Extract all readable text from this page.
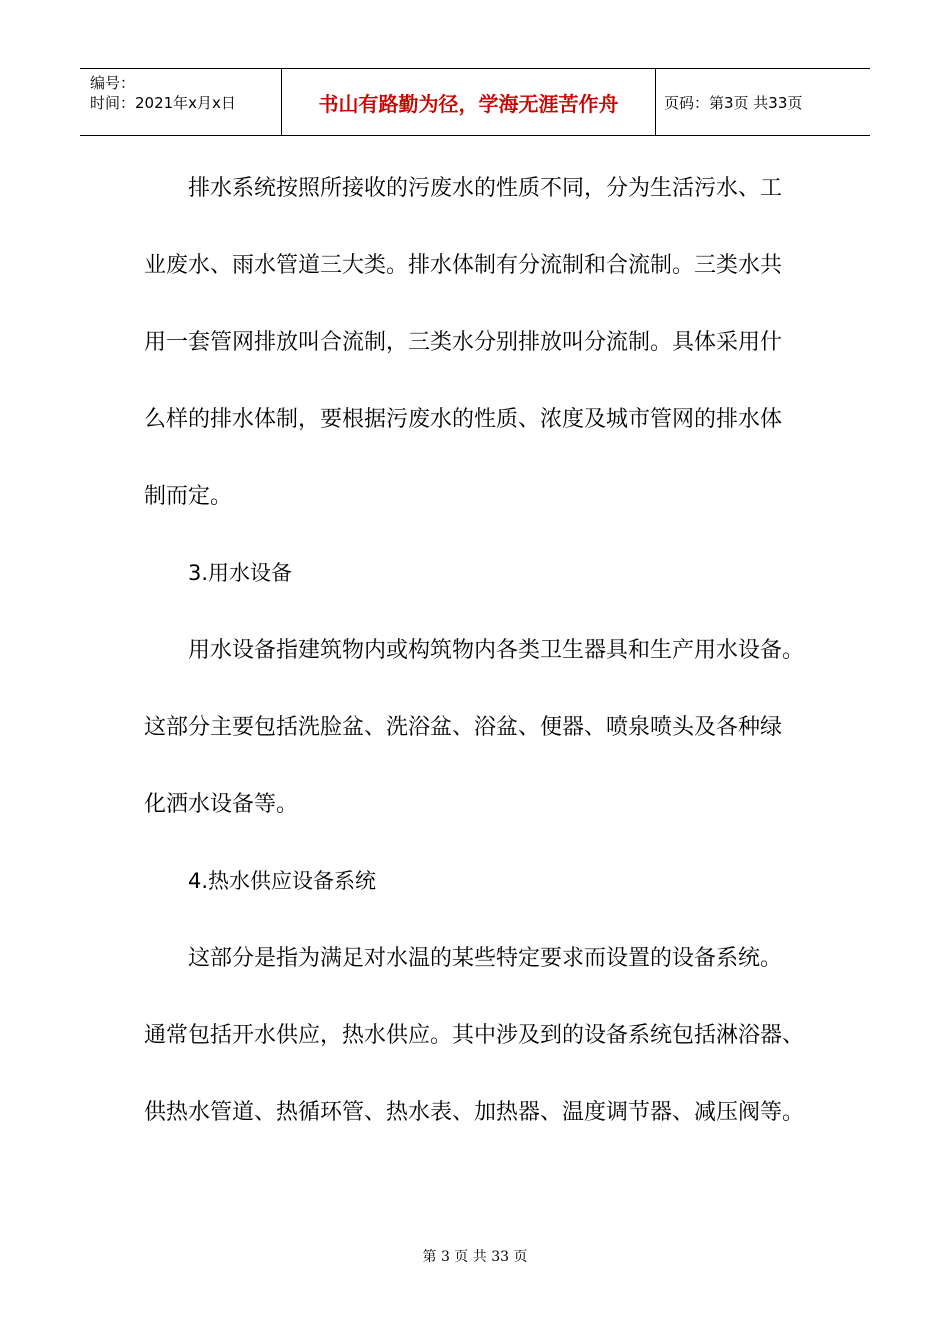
编号：
时间：2021年x月x日	书山有路勤为径，学海无涯苦作舟	页码：第3页 共33页
排水系统按照所接收的污废水的性质不同，分为生活污水、工
业废水、雨水管道三大类。排水体制有分流制和合流制。三类水共
用一套管网排放叫合流制，三类水分别排放叫分流制。具体采用什
么样的排水体制，要根据污废水的性质、浓度及城市管网的排水体
制而定。
3.用水设备
用水设备指建筑物内或构筑物内各类卫生器具和生产用水设备。
这部分主要包括洗脸盆、洗浴盆、浴盆、便器、喷泉喷头及各种绿
化洒水设备等。
4.热水供应设备系统
这部分是指为满足对水温的某些特定要求而设置的设备系统。
通常包括开水供应，热水供应。其中涉及到的设备系统包括淋浴器、
供热水管道、热循环管、热水表、加热器、温度调节器、减压阀等。
第 3 页 共 33 页
